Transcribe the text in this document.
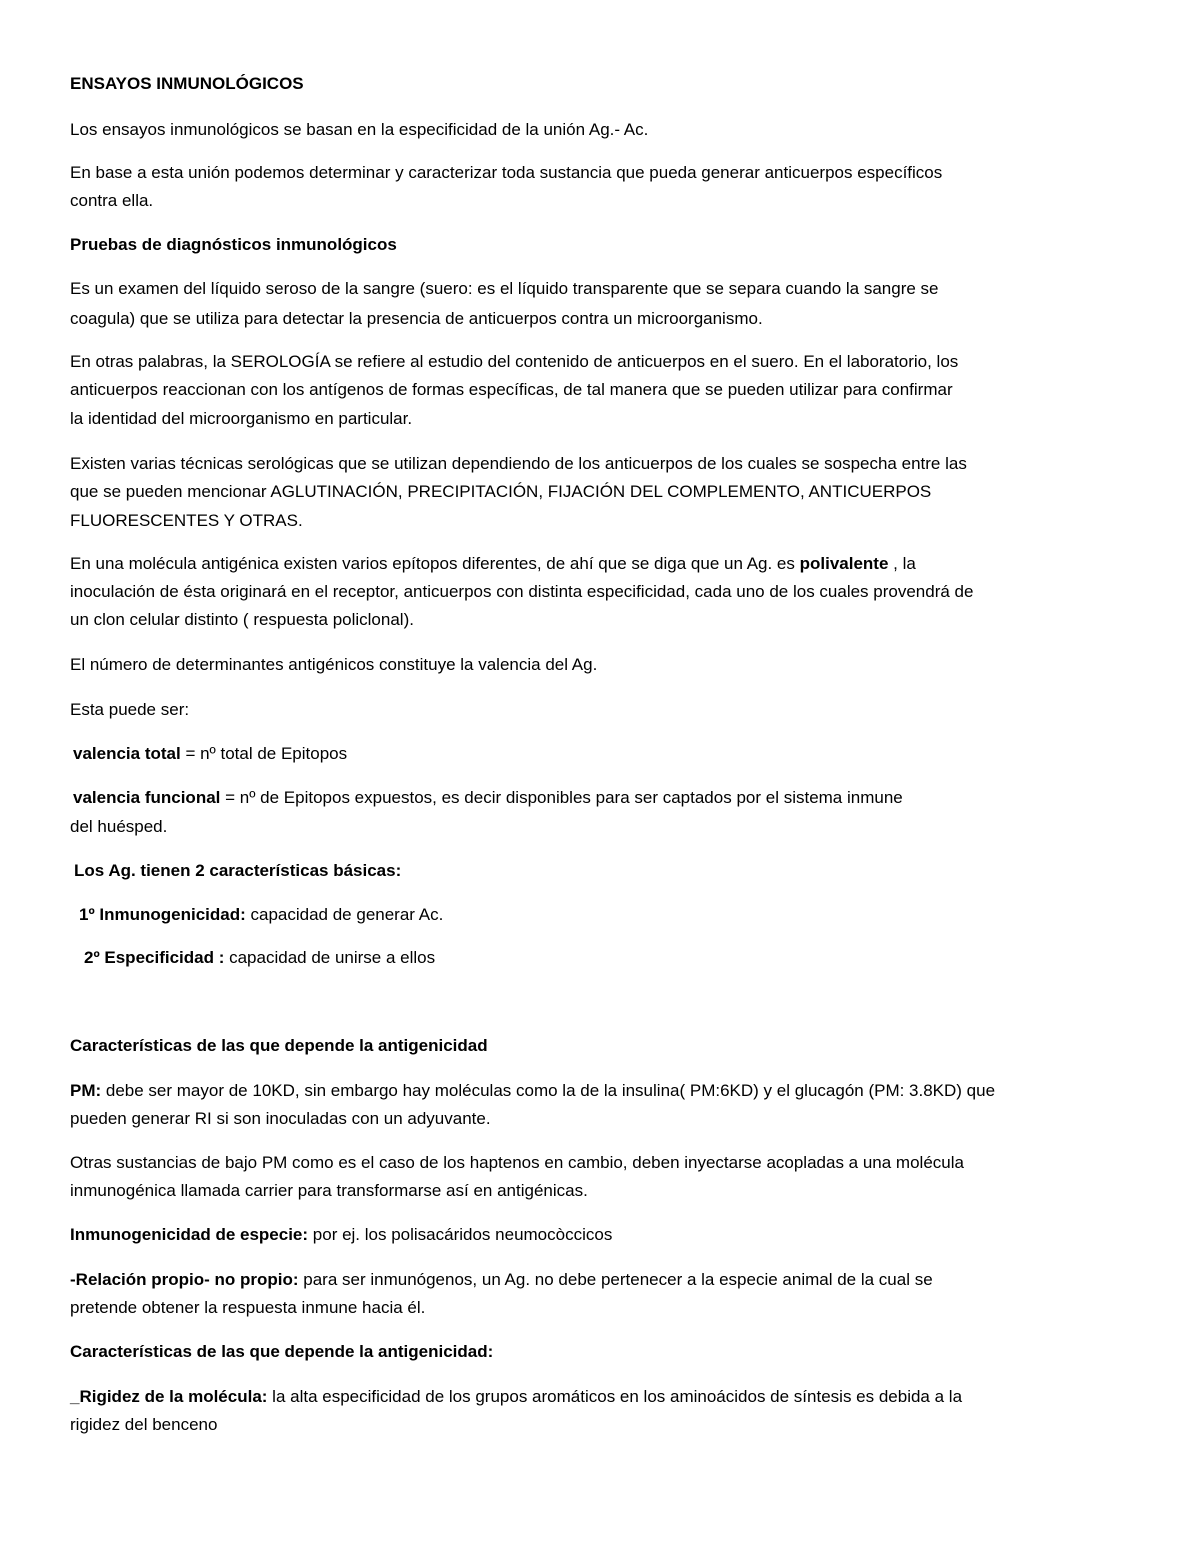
ENSAYOS INMUNOLÓGICOS
Los ensayos inmunológicos se basan en la especificidad de la unión Ag.- Ac.
En base a esta unión podemos determinar y caracterizar toda sustancia que pueda generar anticuerpos específicos
contra ella.
Pruebas de diagnósticos inmunológicos
Es un examen del líquido seroso de la sangre (suero: es el líquido transparente que se separa cuando la sangre se
coagula) que se utiliza para detectar la presencia de anticuerpos contra un microorganismo.
En otras palabras, la SEROLOGÍA se refiere al estudio del contenido de anticuerpos en el suero. En el laboratorio, los
anticuerpos reaccionan con los antígenos de formas específicas, de tal manera que se pueden utilizar para confirmar
la identidad del microorganismo en particular.
Existen varias técnicas serológicas que se utilizan dependiendo de los anticuerpos de los cuales se sospecha entre las
que se pueden mencionar AGLUTINACIÓN, PRECIPITACIÓN, FIJACIÓN DEL COMPLEMENTO, ANTICUERPOS
FLUORESCENTES Y OTRAS.
En una molécula antigénica existen varios epítopos diferentes, de ahí que se diga que un Ag. es polivalente , la
inoculación de ésta originará en el receptor, anticuerpos con distinta especificidad, cada uno de los cuales provendrá de
un clon celular distinto ( respuesta policlonal).
El número de determinantes antigénicos constituye la valencia del Ag.
Esta puede ser:
valencia total = nº total de Epitopos
valencia funcional = nº de Epitopos expuestos, es decir disponibles para ser captados por el sistema inmune
del huésped.
Los Ag. tienen 2 características básicas:
1º Inmunogenicidad: capacidad de generar Ac.
2º Especificidad : capacidad de unirse a ellos
Características de las que depende la antigenicidad
PM: debe ser mayor de 10KD, sin embargo hay moléculas como la de la insulina( PM:6KD) y el glucagón (PM: 3.8KD) que
pueden generar RI si son inoculadas con un adyuvante.
Otras sustancias de bajo PM como es el caso de los haptenos en cambio, deben inyectarse acopladas a una molécula
inmunogénica llamada carrier para transformarse así en antigénicas.
Inmunogenicidad de especie: por ej. los polisacáridos neumocòccicos
-Relación propio- no propio: para ser inmunógenos, un Ag. no debe pertenecer a la especie animal de la cual se
pretende obtener la respuesta inmune hacia él.
Características de las que depende la antigenicidad:
_Rigidez de la molécula: la alta especificidad de los grupos aromáticos en los aminoácidos de síntesis es debida a la
rigidez del benceno
